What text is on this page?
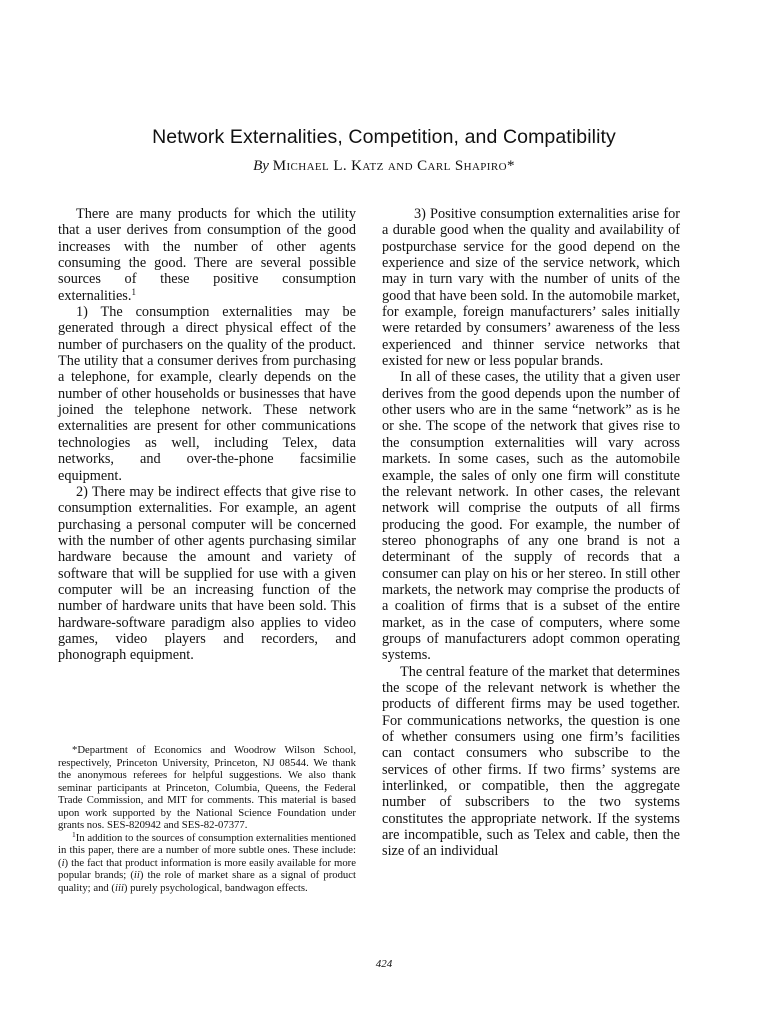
Network Externalities, Competition, and Compatibility
By Michael L. Katz and Carl Shapiro*

There are many products for which the utility that a user derives from consumption of the good increases with the number of other agents consuming the good. There are several possible sources of these positive consumption externalities.$^1$

1) The consumption externalities may be generated through a direct physical effect of the number of purchasers on the quality of the product. The utility that a consumer derives from purchasing a telephone, for example, clearly depends on the number of other households or businesses that have joined the telephone network. These network externalities are present for other communications technologies as well, including Telex, data networks, and over-the-phone facsimilie equipment.

2) There may be indirect effects that give rise to consumption externalities. For example, an agent purchasing a personal computer will be concerned with the number of other agents purchasing similar hardware because the amount and variety of software that will be supplied for use with a given computer will be an increasing function of the number of hardware units that have been sold. This hardware-software paradigm also applies to video games, video players and recorders, and phonograph equipment.

*Department of Economics and Woodrow Wilson School, respectively, Princeton University, Princeton, NJ 08544. We thank the anonymous referees for helpful suggestions. We also thank seminar participants at Princeton, Columbia, Queens, the Federal Trade Commission, and MIT for comments. This material is based upon work supported by the National Science Foundation under grants nos. SES-820942 and SES-82-07377.

$^1$In addition to the sources of consumption externalities mentioned in this paper, there are a number of more subtle ones. These include: (i) the fact that product information is more easily available for more popular brands; (ii) the role of market share as a signal of product quality; and (iii) purely psychological, bandwagon effects.

3) Positive consumption externalities arise for a durable good when the quality and availability of postpurchase service for the good depend on the experience and size of the service network, which may in turn vary with the number of units of the good that have been sold. In the automobile market, for example, foreign manufacturers’ sales initially were retarded by consumers’ awareness of the less experienced and thinner service networks that existed for new or less popular brands.

In all of these cases, the utility that a given user derives from the good depends upon the number of other users who are in the same “network” as is he or she. The scope of the network that gives rise to the consumption externalities will vary across markets. In some cases, such as the automobile example, the sales of only one firm will constitute the relevant network. In other cases, the relevant network will comprise the outputs of all firms producing the good. For example, the number of stereo phonographs of any one brand is not a determinant of the supply of records that a consumer can play on his or her stereo. In still other markets, the network may comprise the products of a coalition of firms that is a subset of the entire market, as in the case of computers, where some groups of manufacturers adopt common operating systems.

The central feature of the market that determines the scope of the relevant network is whether the products of different firms may be used together. For communications networks, the question is one of whether consumers using one firm’s facilities can contact consumers who subscribe to the services of other firms. If two firms’ systems are interlinked, or compatible, then the aggregate number of subscribers to the two systems constitutes the appropriate network. If the systems are incompatible, such as Telex and cable, then the size of an individual

424
